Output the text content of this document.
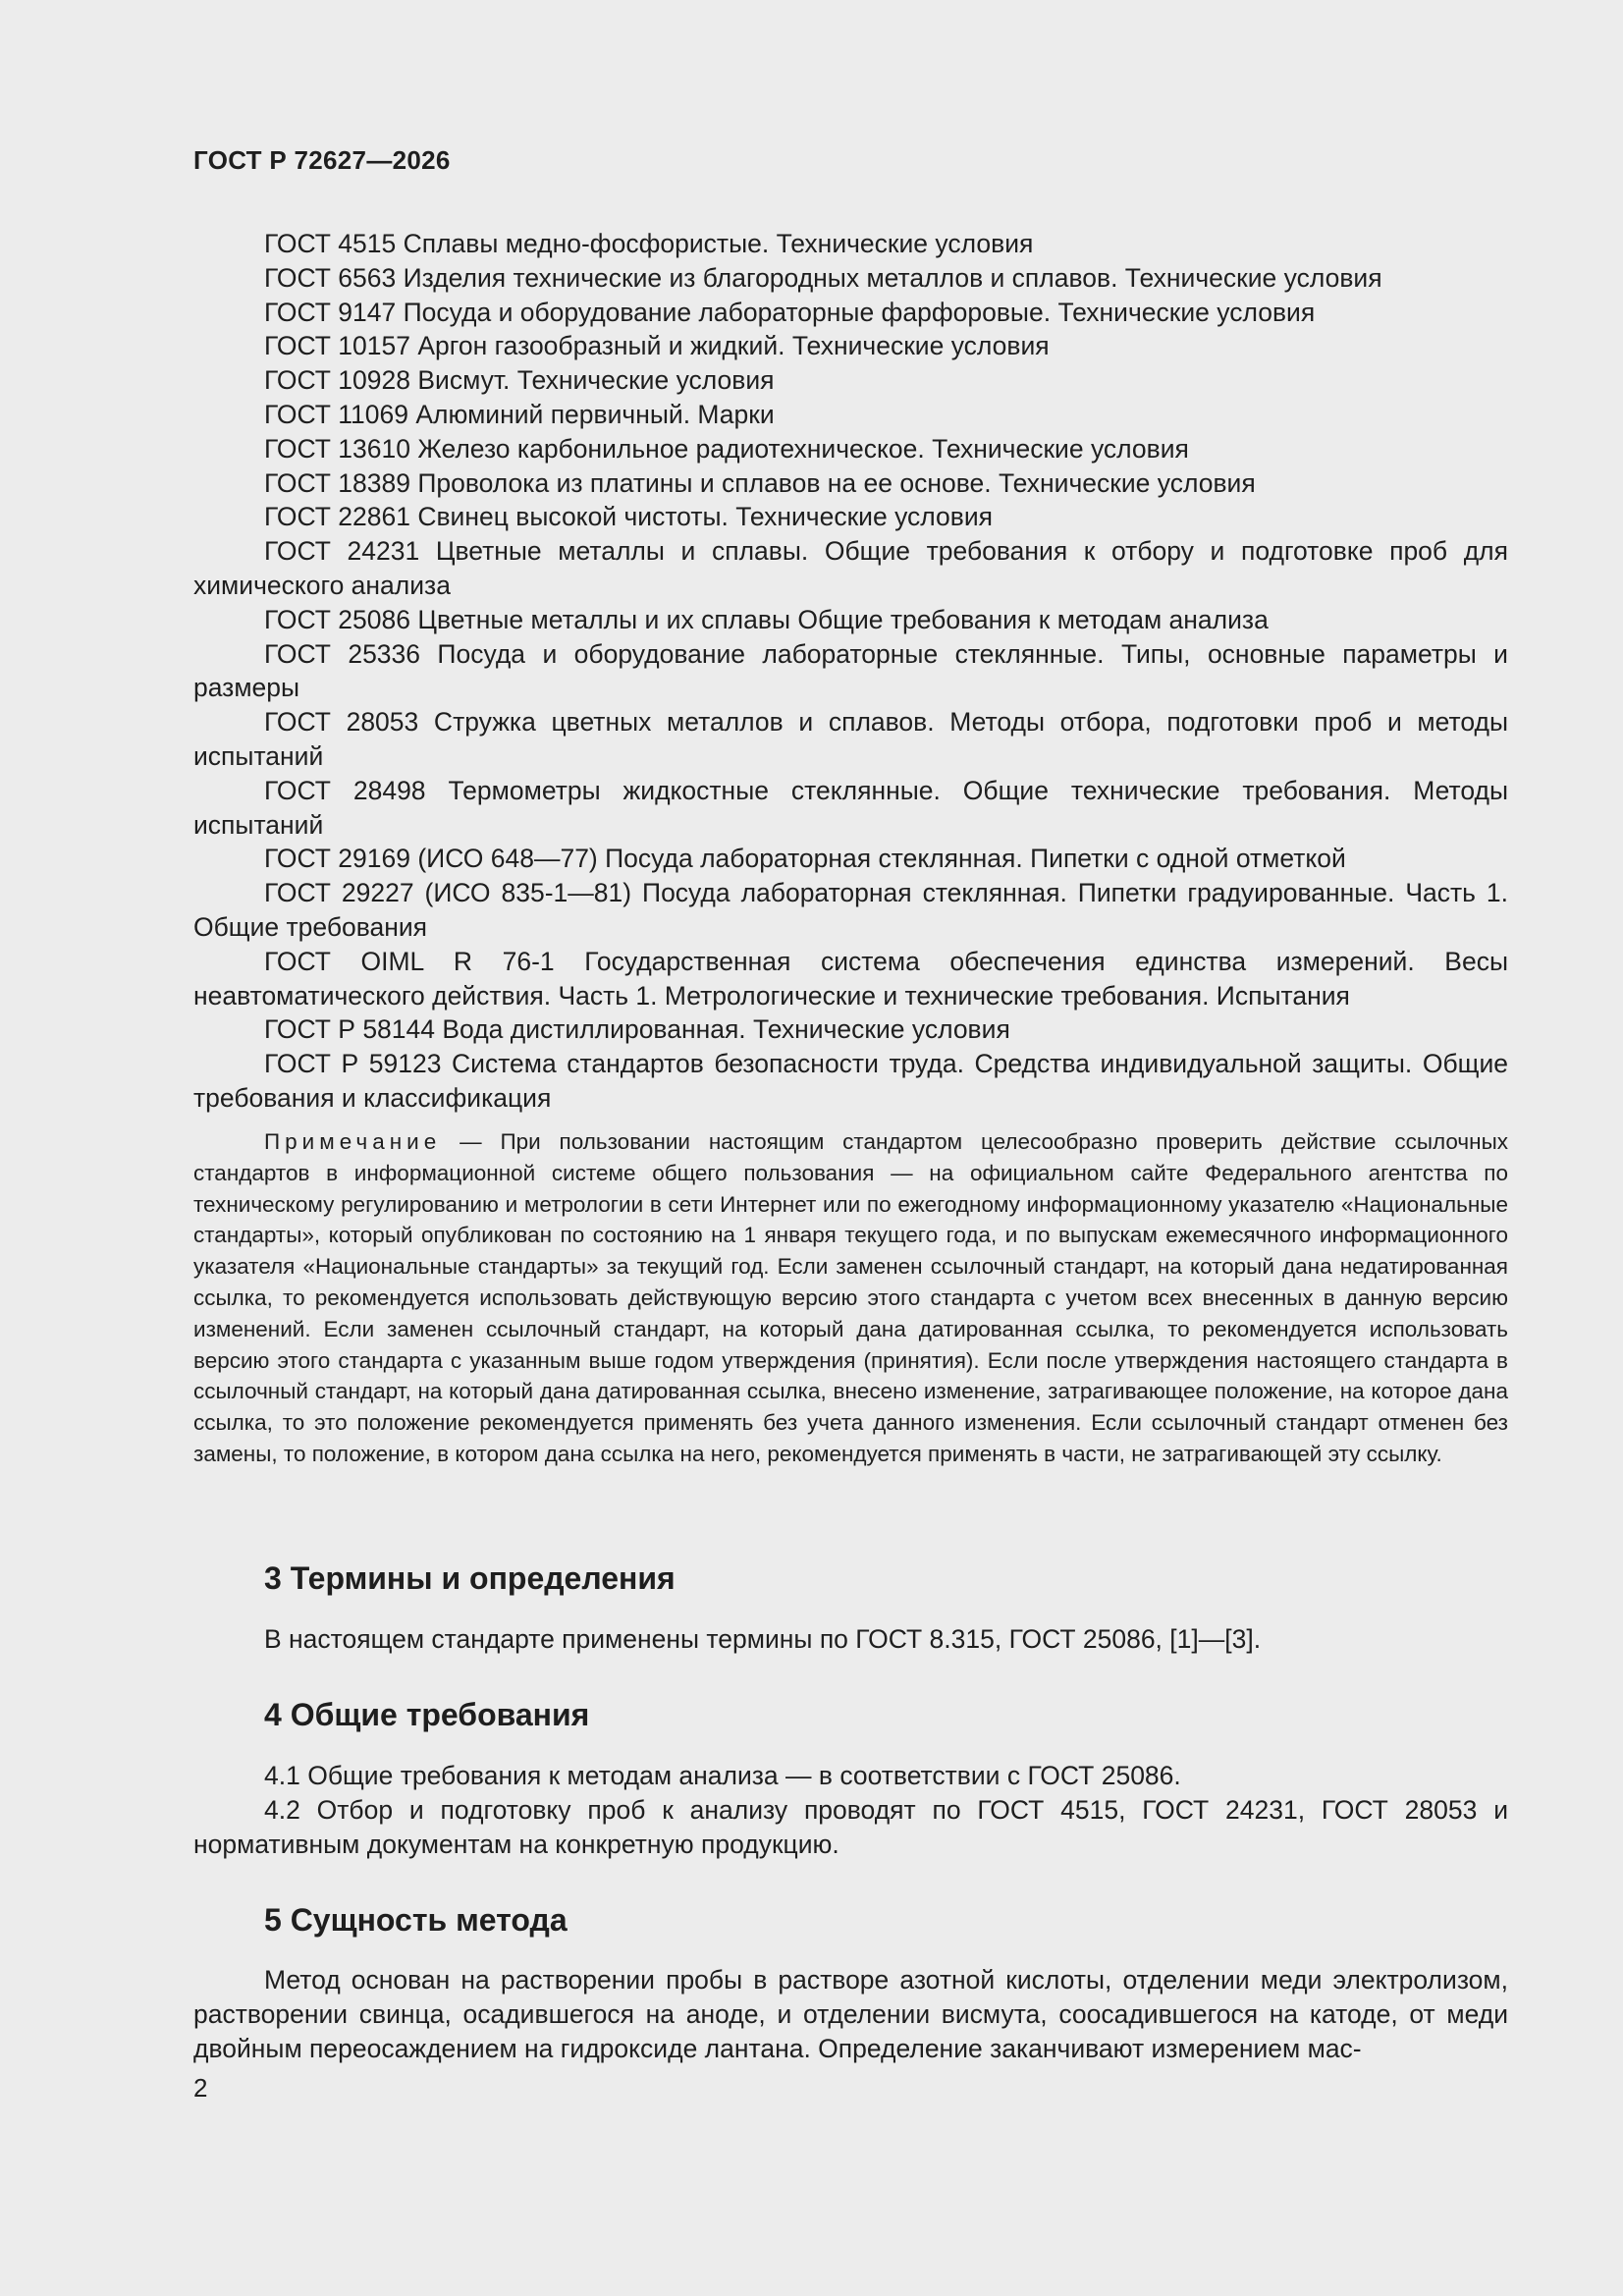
ГОСТ Р 72627—2026

ГОСТ 4515 Сплавы медно-фосфористые. Технические условия

ГОСТ 6563 Изделия технические из благородных металлов и сплавов. Технические условия

ГОСТ 9147 Посуда и оборудование лабораторные фарфоровые. Технические условия

ГОСТ 10157 Аргон газообразный и жидкий. Технические условия

ГОСТ 10928 Висмут. Технические условия

ГОСТ 11069 Алюминий первичный. Марки

ГОСТ 13610 Железо карбонильное радиотехническое. Технические условия

ГОСТ 18389 Проволока из платины и сплавов на ее основе. Технические условия

ГОСТ 22861 Свинец высокой чистоты. Технические условия

ГОСТ 24231 Цветные металлы и сплавы. Общие требования к отбору и подготовке проб для химического анализа

ГОСТ 25086 Цветные металлы и их сплавы Общие требования к методам анализа

ГОСТ 25336 Посуда и оборудование лабораторные стеклянные. Типы, основные параметры и размеры

ГОСТ 28053 Стружка цветных металлов и сплавов. Методы отбора, подготовки проб и методы испытаний

ГОСТ 28498 Термометры жидкостные стеклянные. Общие технические требования. Методы испытаний

ГОСТ 29169 (ИСО 648—77) Посуда лабораторная стеклянная. Пипетки с одной отметкой

ГОСТ 29227 (ИСО 835-1—81) Посуда лабораторная стеклянная. Пипетки градуированные. Часть 1. Общие требования

ГОСТ OIML R 76-1 Государственная система обеспечения единства измерений. Весы неавтоматического действия. Часть 1. Метрологические и технические требования. Испытания

ГОСТ Р 58144 Вода дистиллированная. Технические условия

ГОСТ Р 59123 Система стандартов безопасности труда. Средства индивидуальной защиты. Общие требования и классификация

Примечание — При пользовании настоящим стандартом целесообразно проверить действие ссылочных стандартов в информационной системе общего пользования — на официальном сайте Федерального агентства по техническому регулированию и метрологии в сети Интернет или по ежегодному информационному указателю «Национальные стандарты», который опубликован по состоянию на 1 января текущего года, и по выпускам ежемесячного информационного указателя «Национальные стандарты» за текущий год. Если заменен ссылочный стандарт, на который дана недатированная ссылка, то рекомендуется использовать действующую версию этого стандарта с учетом всех внесенных в данную версию изменений. Если заменен ссылочный стандарт, на который дана датированная ссылка, то рекомендуется использовать версию этого стандарта с указанным выше годом утверждения (принятия). Если после утверждения настоящего стандарта в ссылочный стандарт, на который дана датированная ссылка, внесено изменение, затрагивающее положение, на которое дана ссылка, то это положение рекомендуется применять без учета данного изменения. Если ссылочный стандарт отменен без замены, то положение, в котором дана ссылка на него, рекомендуется применять в части, не затрагивающей эту ссылку.

3 Термины и определения

В настоящем стандарте применены термины по ГОСТ 8.315, ГОСТ 25086, [1]—[3].

4 Общие требования

4.1 Общие требования к методам анализа — в соответствии с ГОСТ 25086.

4.2 Отбор и подготовку проб к анализу проводят по ГОСТ 4515, ГОСТ 24231, ГОСТ 28053 и нормативным документам на конкретную продукцию.

5 Сущность метода

Метод основан на растворении пробы в растворе азотной кислоты, отделении меди электролизом, растворении свинца, осадившегося на аноде, и отделении висмута, соосадившегося на катоде, от меди двойным переосаждением на гидроксиде лантана. Определение заканчивают измерением мас-

2
